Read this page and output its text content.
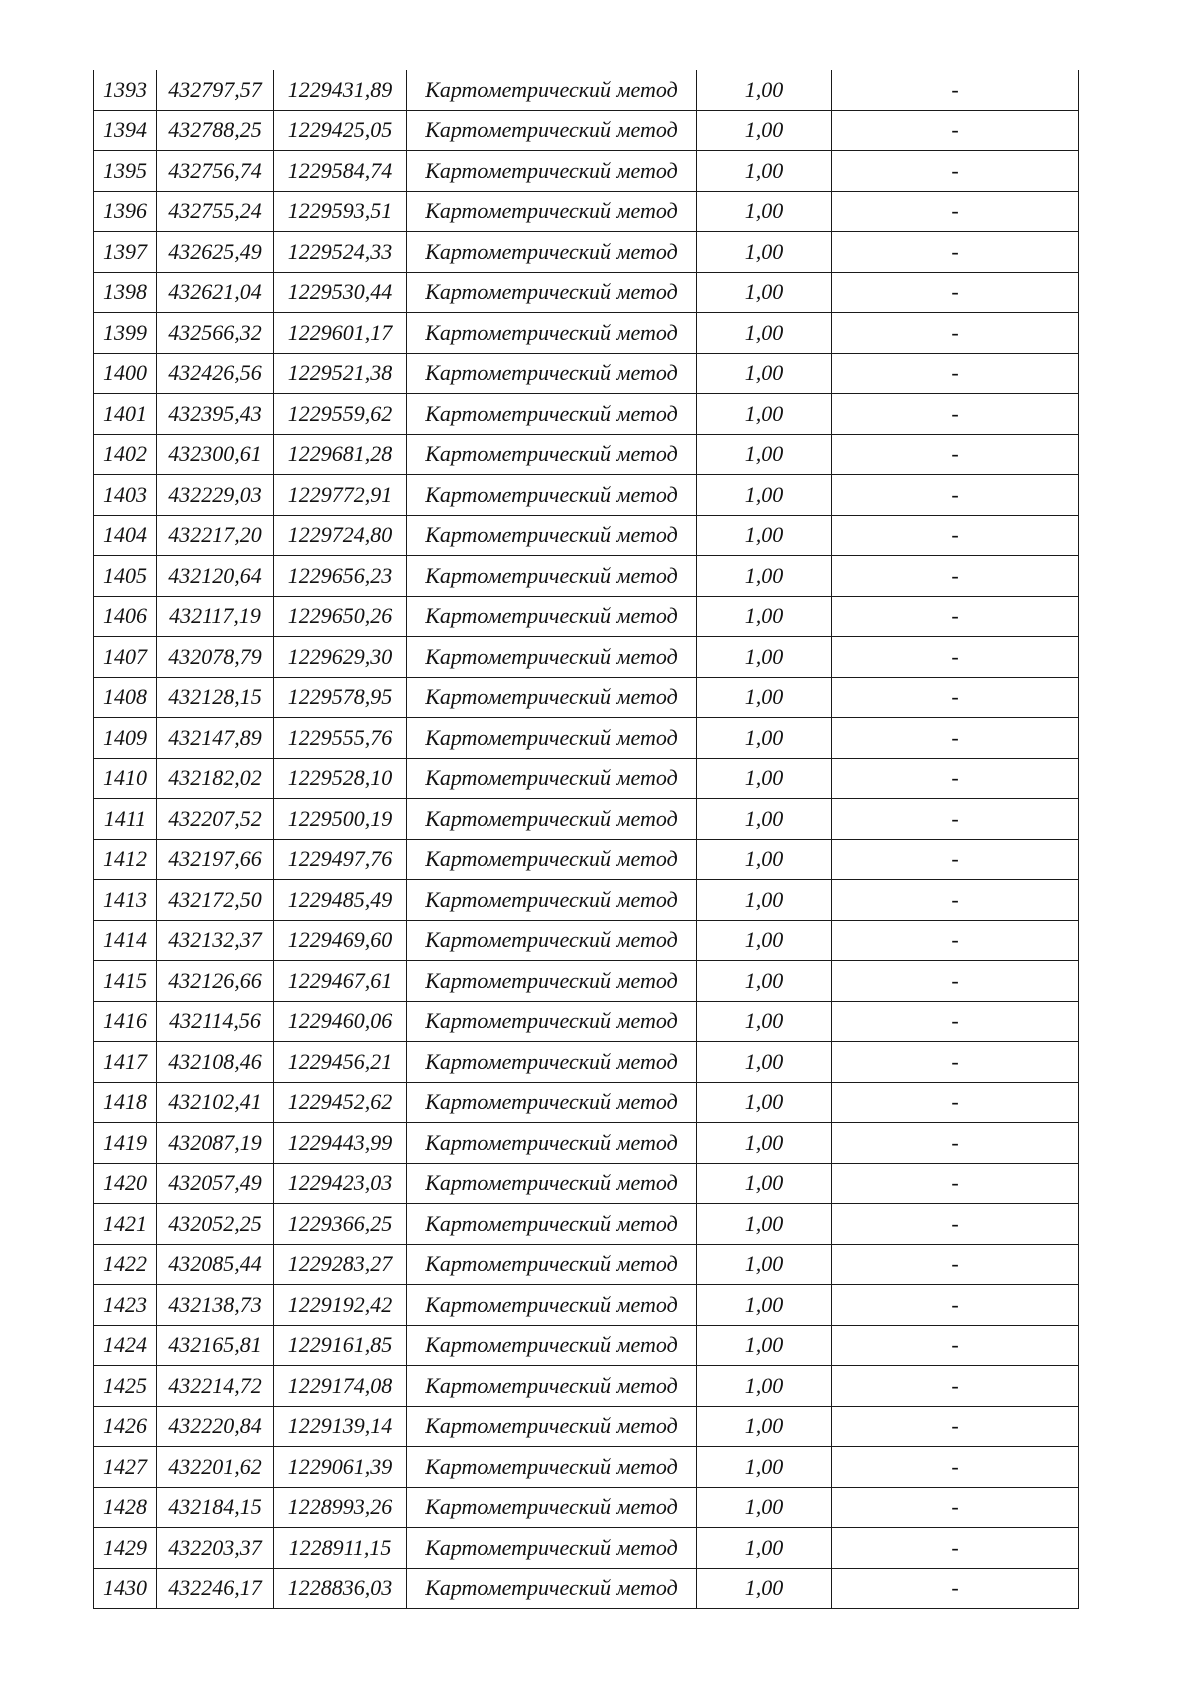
1393	432797,57	1229431,89	Картометрический метод	1,00	-
1394	432788,25	1229425,05	Картометрический метод	1,00	-
1395	432756,74	1229584,74	Картометрический метод	1,00	-
1396	432755,24	1229593,51	Картометрический метод	1,00	-
1397	432625,49	1229524,33	Картометрический метод	1,00	-
1398	432621,04	1229530,44	Картометрический метод	1,00	-
1399	432566,32	1229601,17	Картометрический метод	1,00	-
1400	432426,56	1229521,38	Картометрический метод	1,00	-
1401	432395,43	1229559,62	Картометрический метод	1,00	-
1402	432300,61	1229681,28	Картометрический метод	1,00	-
1403	432229,03	1229772,91	Картометрический метод	1,00	-
1404	432217,20	1229724,80	Картометрический метод	1,00	-
1405	432120,64	1229656,23	Картометрический метод	1,00	-
1406	432117,19	1229650,26	Картометрический метод	1,00	-
1407	432078,79	1229629,30	Картометрический метод	1,00	-
1408	432128,15	1229578,95	Картометрический метод	1,00	-
1409	432147,89	1229555,76	Картометрический метод	1,00	-
1410	432182,02	1229528,10	Картометрический метод	1,00	-
1411	432207,52	1229500,19	Картометрический метод	1,00	-
1412	432197,66	1229497,76	Картометрический метод	1,00	-
1413	432172,50	1229485,49	Картометрический метод	1,00	-
1414	432132,37	1229469,60	Картометрический метод	1,00	-
1415	432126,66	1229467,61	Картометрический метод	1,00	-
1416	432114,56	1229460,06	Картометрический метод	1,00	-
1417	432108,46	1229456,21	Картометрический метод	1,00	-
1418	432102,41	1229452,62	Картометрический метод	1,00	-
1419	432087,19	1229443,99	Картометрический метод	1,00	-
1420	432057,49	1229423,03	Картометрический метод	1,00	-
1421	432052,25	1229366,25	Картометрический метод	1,00	-
1422	432085,44	1229283,27	Картометрический метод	1,00	-
1423	432138,73	1229192,42	Картометрический метод	1,00	-
1424	432165,81	1229161,85	Картометрический метод	1,00	-
1425	432214,72	1229174,08	Картометрический метод	1,00	-
1426	432220,84	1229139,14	Картометрический метод	1,00	-
1427	432201,62	1229061,39	Картометрический метод	1,00	-
1428	432184,15	1228993,26	Картометрический метод	1,00	-
1429	432203,37	1228911,15	Картометрический метод	1,00	-
1430	432246,17	1228836,03	Картометрический метод	1,00	-
